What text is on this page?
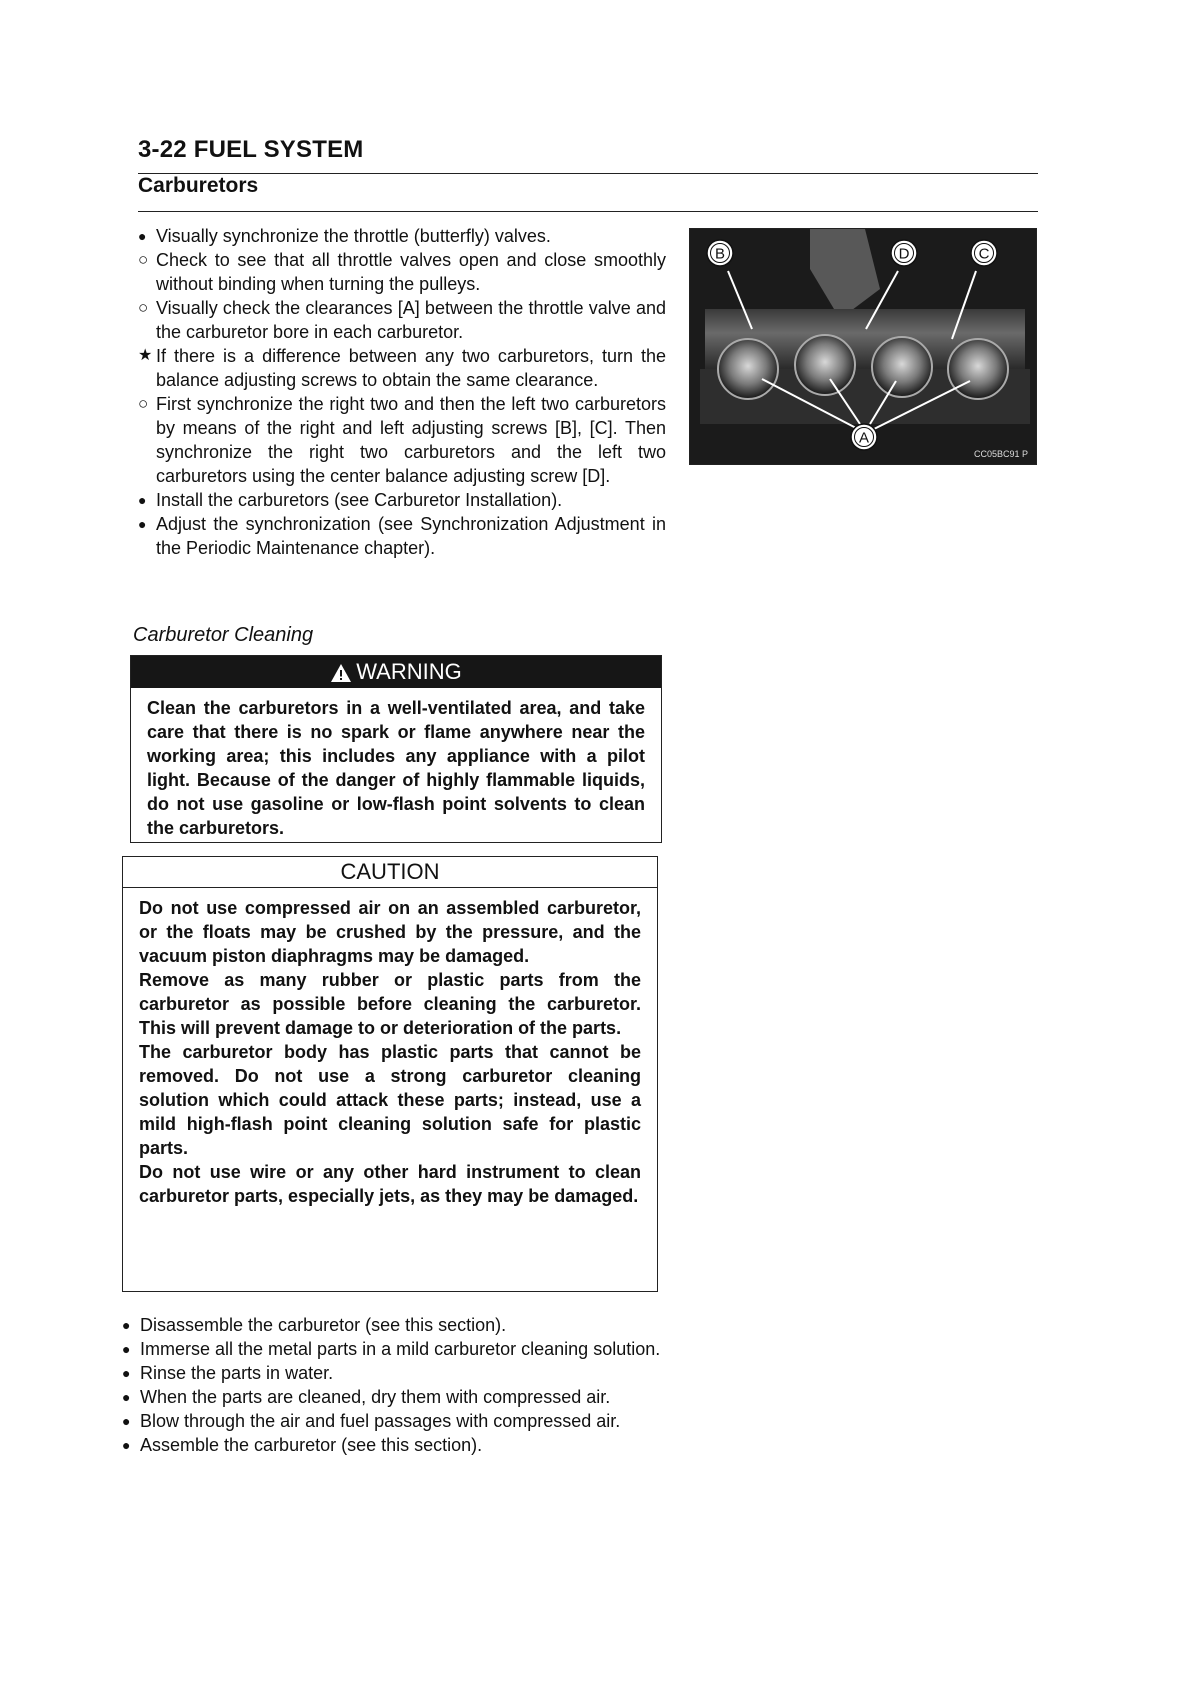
3-22 FUEL SYSTEM
Carburetors
● Visually synchronize the throttle (butterfly) valves.
○ Check to see that all throttle valves open and close smoothly without binding when turning the pulleys.
○ Visually check the clearances [A] between the throttle valve and the carburetor bore in each carburetor.
★ If there is a difference between any two carburetors, turn the balance adjusting screws to obtain the same clearance.
○ First synchronize the right two and then the left two carburetors by means of the right and left adjusting screws [B], [C]. Then synchronize the right two carburetors and the left two carburetors using the center balance adjusting screw [D].
● Install the carburetors (see Carburetor Installation).
● Adjust the synchronization (see Synchronization Adjustment in the Periodic Maintenance chapter).
B	D	C
A
CC05BC91 P
Carburetor Cleaning
WARNING

Clean the carburetors in a well-ventilated area, and take care that there is no spark or flame anywhere near the working area; this includes any appliance with a pilot light. Because of the danger of highly flammable liquids, do not use gasoline or low-flash point solvents to clean the carburetors.

CAUTION

Do not use compressed air on an assembled carburetor, or the floats may be crushed by the pressure, and the vacuum piston diaphragms may be damaged.

Remove as many rubber or plastic parts from the carburetor as possible before cleaning the carburetor. This will prevent damage to or deterioration of the parts.

The carburetor body has plastic parts that cannot be removed. Do not use a strong carburetor cleaning solution which could attack these parts; instead, use a mild high-flash point cleaning solution safe for plastic parts.

Do not use wire or any other hard instrument to clean carburetor parts, especially jets, as they may be damaged.

● Disassemble the carburetor (see this section).
● Immerse all the metal parts in a mild carburetor cleaning solution.
● Rinse the parts in water.
● When the parts are cleaned, dry them with compressed air.
● Blow through the air and fuel passages with compressed air.
● Assemble the carburetor (see this section).
